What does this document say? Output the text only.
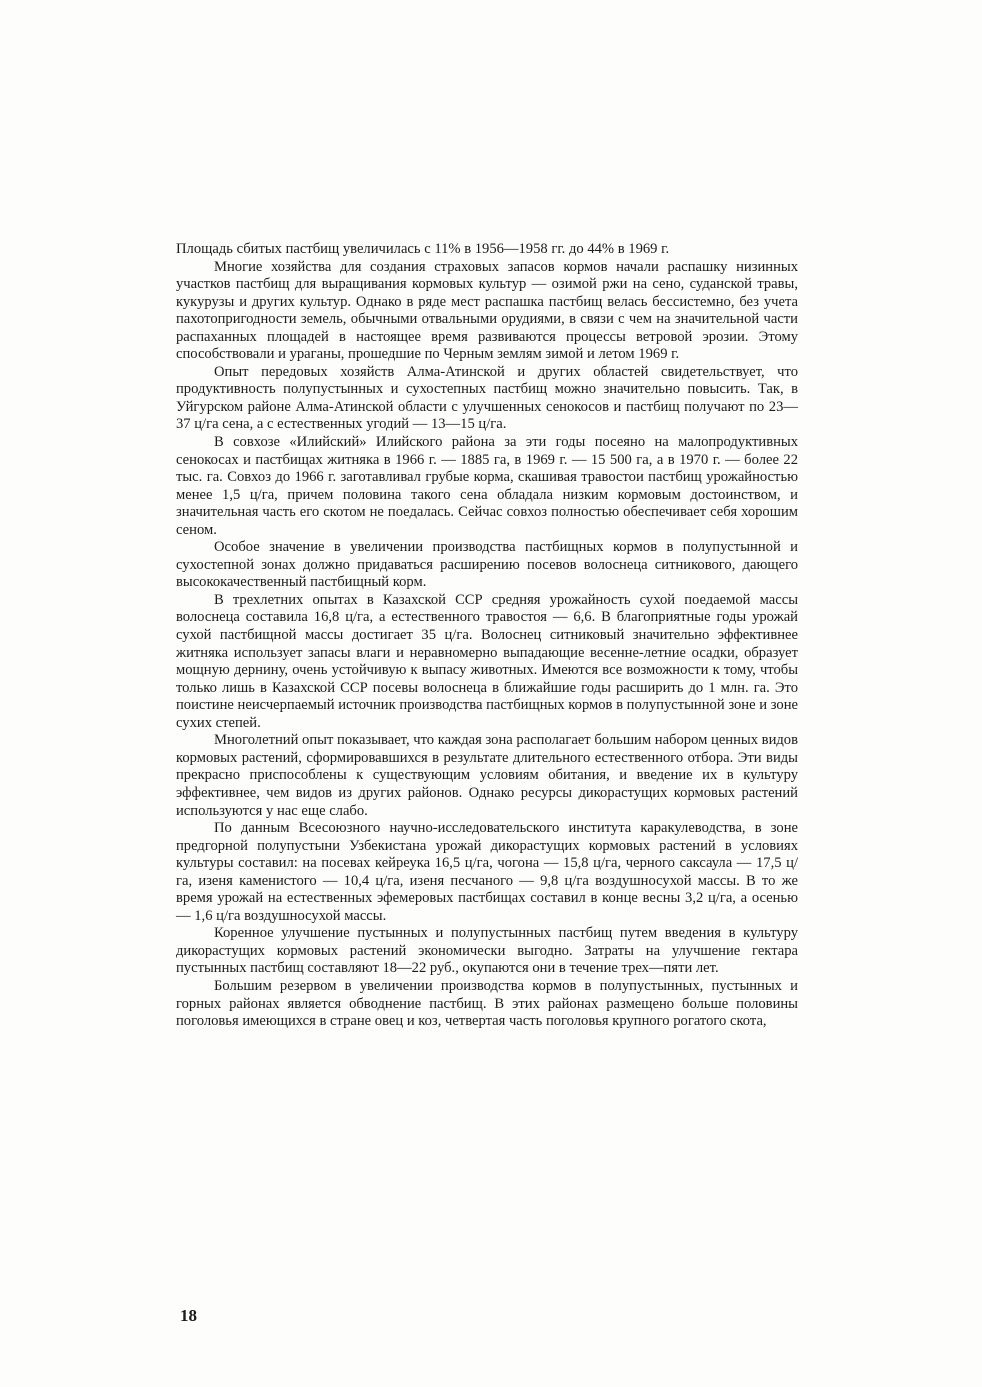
Площадь сбитых пастбищ увеличилась с 11% в 1956—1958 гг. до 44% в 1969 г.

Многие хозяйства для создания страховых запасов кормов начали распашку низинных участков пастбищ для выращивания кормовых культур — озимой ржи на сено, суданской травы, кукурузы и других культур. Однако в ряде мест распашка пастбищ велась бессистемно, без учета пахотопригодности земель, обычными отвальными орудиями, в связи с чем на значительной части распаханных площадей в настоящее время развиваются процессы ветровой эрозии. Этому способствовали и ураганы, прошедшие по Черным землям зимой и летом 1969 г.

Опыт передовых хозяйств Алма-Атинской и других областей свидетельствует, что продуктивность полупустынных и сухостепных пастбищ можно значительно повысить. Так, в Уйгурском районе Алма-Атинской области с улучшенных сенокосов и пастбищ получают по 23—37 ц/га сена, а с естественных угодий — 13—15 ц/га.

В совхозе «Илийский» Илийского района за эти годы посеяно на малопродуктивных сенокосах и пастбищах житняка в 1966 г. — 1885 га, в 1969 г. — 15 500 га, а в 1970 г. — более 22 тыс. га. Совхоз до 1966 г. заготавливал грубые корма, скашивая травостои пастбищ урожайностью менее 1,5 ц/га, причем половина такого сена обладала низким кормовым достоинством, и значительная часть его скотом не поедалась. Сейчас совхоз полностью обеспечивает себя хорошим сеном.

Особое значение в увеличении производства пастбищных кормов в полупустынной и сухостепной зонах должно придаваться расширению посевов волоснеца ситникового, дающего высококачественный пастбищный корм.

В трехлетних опытах в Казахской ССР средняя урожайность сухой поедаемой массы волоснеца составила 16,8 ц/га, а естественного травостоя — 6,6. В благоприятные годы урожай сухой пастбищной массы достигает 35 ц/га. Волоснец ситниковый значительно эффективнее житняка использует запасы влаги и неравномерно выпадающие весенне-летние осадки, образует мощную дернину, очень устойчивую к выпасу животных. Имеются все возможности к тому, чтобы только лишь в Казахской ССР посевы волоснеца в ближайшие годы расширить до 1 млн. га. Это поистине неисчерпаемый источник производства пастбищных кормов в полупустынной зоне и зоне сухих степей.

Многолетний опыт показывает, что каждая зона располагает большим набором ценных видов кормовых растений, сформировавшихся в результате длительного естественного отбора. Эти виды прекрасно приспособлены к существующим условиям обитания, и введение их в культуру эффективнее, чем видов из других районов. Однако ресурсы дикорастущих кормовых растений используются у нас еще слабо.

По данным Всесоюзного научно-исследовательского института каракулеводства, в зоне предгорной полупустыни Узбекистана урожай дикорастущих кормовых растений в условиях культуры составил: на посевах кейреука 16,5 ц/га, чогона — 15,8 ц/га, черного саксаула — 17,5 ц/га, изеня каменистого — 10,4 ц/га, изеня песчаного — 9,8 ц/га воздушносухой массы. В то же время урожай на естественных эфемеровых пастбищах составил в конце весны 3,2 ц/га, а осенью — 1,6 ц/га воздушносухой массы.

Коренное улучшение пустынных и полупустынных пастбищ путем введения в культуру дикорастущих кормовых растений экономически выгодно. Затраты на улучшение гектара пустынных пастбищ составляют 18—22 руб., окупаются они в течение трех—пяти лет.

Большим резервом в увеличении производства кормов в полупустынных, пустынных и горных районах является обводнение пастбищ. В этих районах размещено больше половины поголовья имеющихся в стране овец и коз, четвертая часть поголовья крупного рогатого скота,

18
